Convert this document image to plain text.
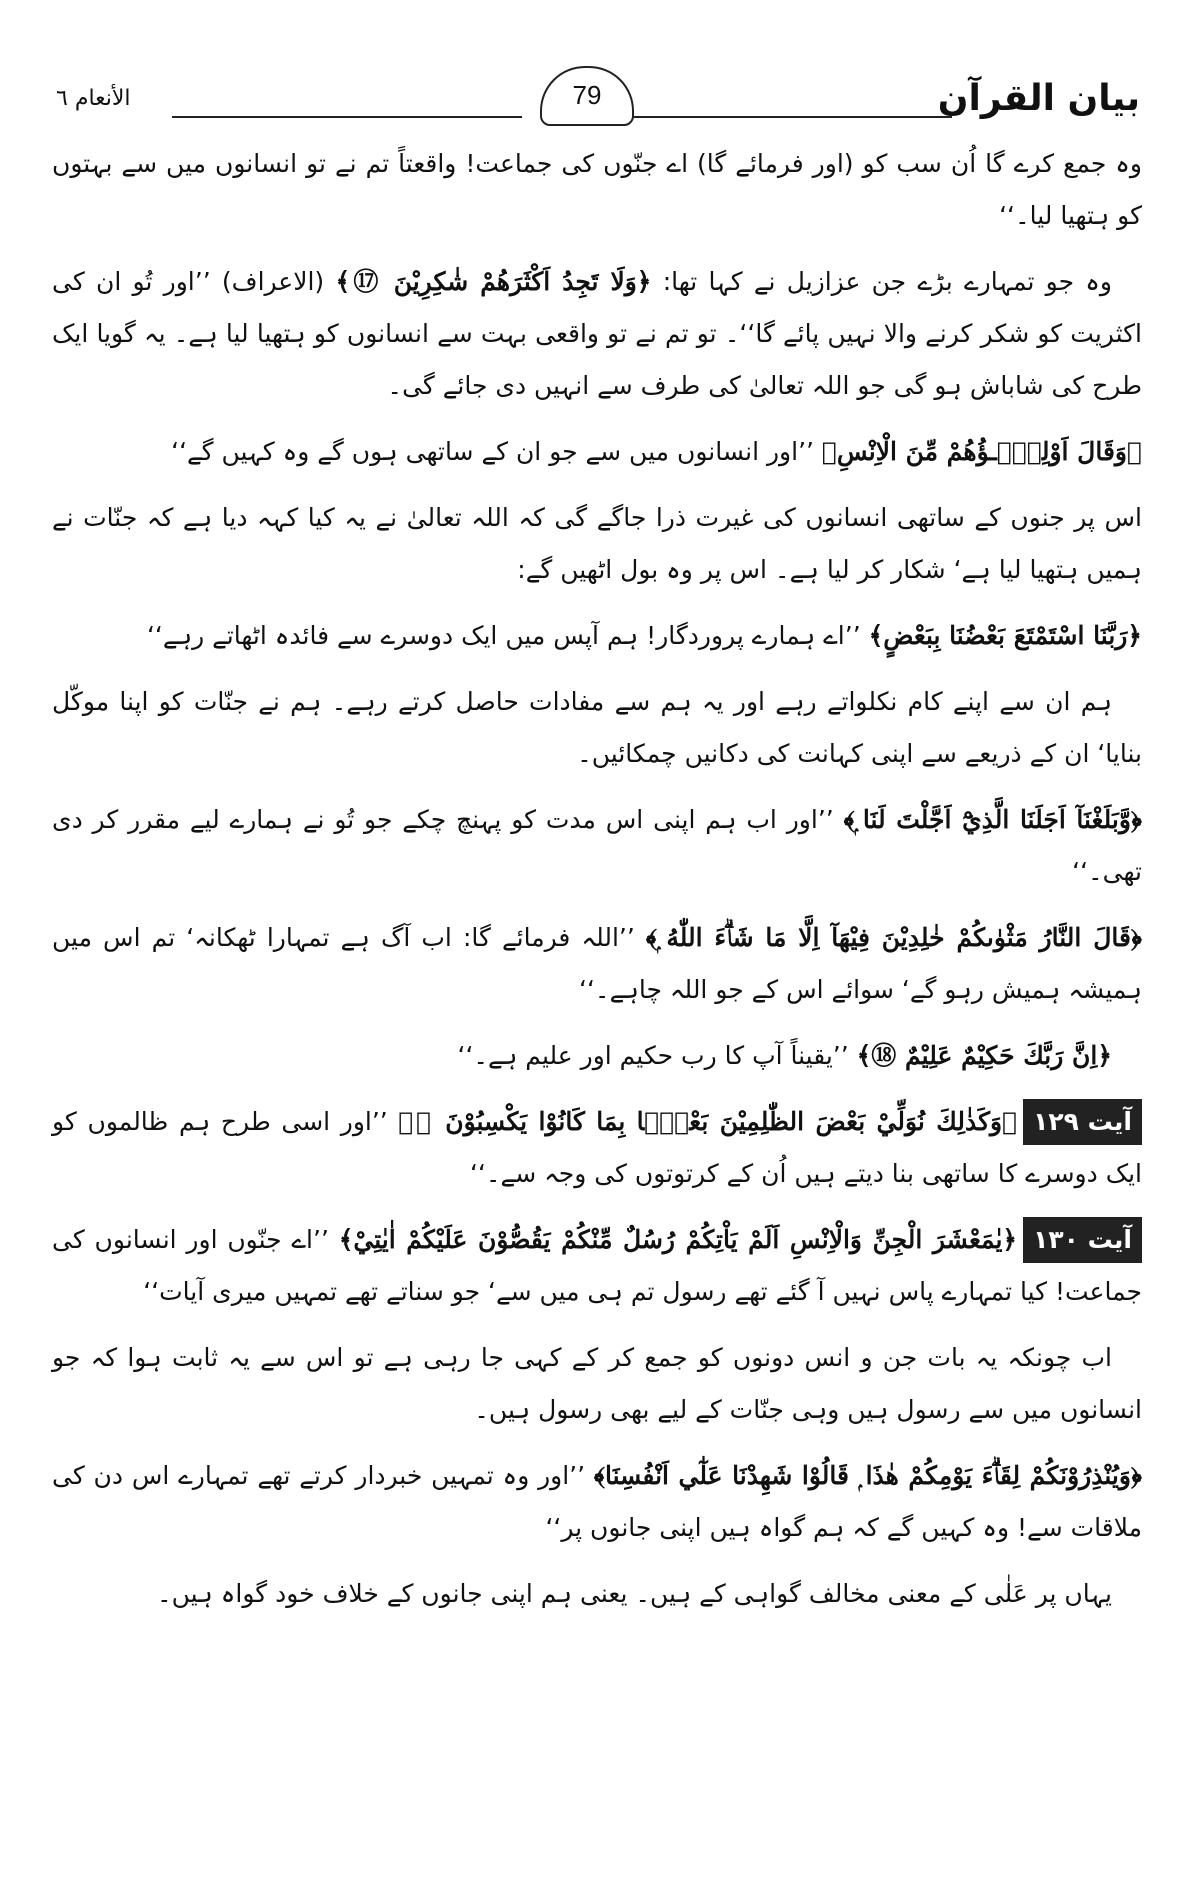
بیان القرآن
79
الأنعام ٦

وہ جمع کرے گا اُن سب کو (اور فرمائے گا) اے جنّوں کی جماعت! واقعتاً تم نے تو انسانوں میں سے بہتوں کو ہتھیا لیا۔‘‘

وہ جو تمہارے بڑے جن عزازیل نے کہا تھا: ﴿وَلَا تَجِدُ اَكْثَرَهُمْ شٰكِرِيْنَ ⑰﴾ (الاعراف) ’’اور تُو ان کی اکثریت کو شکر کرنے والا نہیں پائے گا‘‘۔ تو تم نے تو واقعی بہت سے انسانوں کو ہتھیا لیا ہے۔ یہ گویا ایک طرح کی شاباش ہو گی جو اللہ تعالیٰ کی طرف سے انہیں دی جائے گی۔

﴿وَقَالَ اَوْلِيٰۗـؤُهُمْ مِّنَ الْاِنْسِ﴾ ’’اور انسانوں میں سے جو ان کے ساتھی ہوں گے وہ کہیں گے‘‘

اس پر جنوں کے ساتھی انسانوں کی غیرت ذرا جاگے گی کہ اللہ تعالیٰ نے یہ کیا کہہ دیا ہے کہ جنّات نے ہمیں ہتھیا لیا ہے‘ شکار کر لیا ہے۔ اس پر وہ بول اٹھیں گے:

﴿رَبَّنَا اسْتَمْتَعَ بَعْضُنَا بِبَعْضٍ﴾ ’’اے ہمارے پروردگار! ہم آپس میں ایک دوسرے سے فائدہ اٹھاتے رہے‘‘

ہم ان سے اپنے کام نکلواتے رہے اور یہ ہم سے مفادات حاصل کرتے رہے۔ ہم نے جنّات کو اپنا موکّل بنایا‘ ان کے ذریعے سے اپنی کہانت کی دکانیں چمکائیں۔

﴿وَّبَلَغْنَآ اَجَلَنَا الَّذِيْٓ اَجَّلْتَ لَنَا ۭ﴾ ’’اور اب ہم اپنی اس مدت کو پہنچ چکے جو تُو نے ہمارے لیے مقرر کر دی تھی۔‘‘

﴿قَالَ النَّارُ مَثْوٰىكُمْ خٰلِدِيْنَ فِيْهَآ اِلَّا مَا شَاۗءَ اللّٰهُ ۭ﴾ ’’اللہ فرمائے گا: اب آگ ہے تمہارا ٹھکانہ‘ تم اس میں ہمیشہ ہمیش رہو گے‘ سوائے اس کے جو اللہ چاہے۔‘‘

﴿اِنَّ رَبَّكَ حَكِيْمٌ عَلِيْمٌ ⑱﴾ ’’یقیناً آپ کا رب حکیم اور علیم ہے۔‘‘

آیت ۱۲۹﴿وَكَذٰلِكَ نُوَلِّيْ بَعْضَ الظّٰلِمِيْنَ بَعْضًۢا بِمَا كَانُوْا يَكْسِبُوْنَ ⑲﴾ ’’اور اسی طرح ہم ظالموں کو ایک دوسرے کا ساتھی بنا دیتے ہیں اُن کے کرتوتوں کی وجہ سے۔‘‘

آیت ۱۳۰﴿يٰمَعْشَرَ الْجِنِّ وَالْاِنْسِ اَلَمْ يَاْتِكُمْ رُسُلٌ مِّنْكُمْ يَقُصُّوْنَ عَلَيْكُمْ اٰيٰتِيْ﴾ ’’اے جنّوں اور انسانوں کی جماعت! کیا تمہارے پاس نہیں آ گئے تھے رسول تم ہی میں سے‘ جو سناتے تھے تمہیں میری آیات‘‘

اب چونکہ یہ بات جن و انس دونوں کو جمع کر کے کہی جا رہی ہے تو اس سے یہ ثابت ہوا کہ جو انسانوں میں سے رسول ہیں وہی جنّات کے لیے بھی رسول ہیں۔

﴿وَيُنْذِرُوْنَكُمْ لِقَاۗءَ يَوْمِكُمْ هٰذَا ۭ قَالُوْا شَهِدْنَا عَلٰٓي اَنْفُسِنَا﴾ ’’اور وہ تمہیں خبردار کرتے تھے تمہارے اس دن کی ملاقات سے! وہ کہیں گے کہ ہم گواہ ہیں اپنی جانوں پر‘‘

یہاں پر عَلٰی کے معنی مخالف گواہی کے ہیں۔ یعنی ہم اپنی جانوں کے خلاف خود گواہ ہیں۔
